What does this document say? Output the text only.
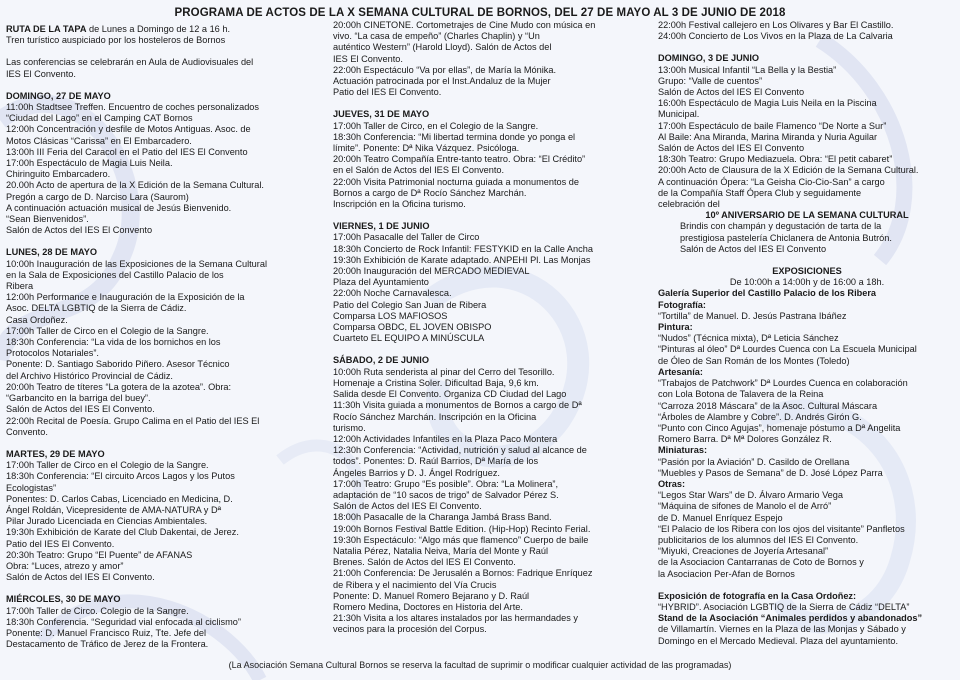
PROGRAMA DE ACTOS DE LA X SEMANA CULTURAL DE BORNOS, DEL 27 DE MAYO AL 3 DE JUNIO DE 2018
RUTA DE LA TAPA de Lunes a Domingo de 12 a 16 h.
Tren turístico auspiciado por los hosteleros de Bornos
Las conferencias se celebrarán en Aula de Audiovisuales del
IES El Convento.
DOMINGO, 27 DE MAYO
11:00h Stadtsee Treffen. Encuentro de coches personalizados
“Ciudad del Lago” en el Camping CAT Bornos
12:00h Concentración y desfile de Motos Antiguas. Asoc. de
Motos Clásicas “Carissa” en El Embarcadero.
13:00h III Feria del Caracol en el Patio del IES El Convento
17:00h Espectáculo de Magia Luis Neila.
Chiringuito Embarcadero.
20.00h Acto de apertura de la X Edición de la Semana Cultural.
Pregón a cargo de D. Narciso Lara (Saurom)
A continuación actuación musical de Jesús Bienvenido.
“Sean Bienvenidos”.
Salón de Actos del IES El Convento
LUNES, 28 DE MAYO
10:00h Inauguración de las Exposiciones de la Semana Cultural
en la Sala de Exposiciones del Castillo Palacio de los
Ribera
12:00h Performance e Inauguración de la Exposición de la
Asoc. DELTA LGBTIQ de la Sierra de Cádiz.
Casa Ordoñez.
17:00h Taller de Circo en el Colegio de la Sangre.
18:30h Conferencia: “La vida de los bornichos en los
Protocolos Notariales”.
Ponente: D. Santiago Saborido Piñero. Asesor Técnico
del Archivo Histórico Provincial de Cádiz.
20:00h Teatro de títeres “La gotera de la azotea”. Obra:
“Garbancito en la barriga del buey”.
Salón de Actos del IES El Convento.
22:00h Recital de Poesía. Grupo Calima en el Patio del IES El
Convento.
MARTES, 29 DE MAYO
17:00h Taller de Circo en el Colegio de la Sangre.
18:30h Conferencia: “El circuito Arcos Lagos y los Putos
Ecologistas”
Ponentes: D. Carlos Cabas, Licenciado en Medicina, D.
Ángel Roldán, Vicepresidente de AMA-NATURA y Dª
Pilar Jurado Licenciada en Ciencias Ambientales.
19:30h Exhibición de Karate del Club Dakentai, de Jerez.
Patio del IES El Convento.
20:30h Teatro: Grupo “El Puente” de AFANAS
Obra: “Luces, atrezo y amor”
Salón de Actos del IES El Convento.
MIÉRCOLES, 30 DE MAYO
17:00h Taller de Circo. Colegio de la Sangre.
18:30h Conferencia. “Seguridad vial enfocada al ciclismo”
Ponente: D. Manuel Francisco Ruiz, Tte. Jefe del
Destacamento de Tráfico de Jerez de la Frontera.
20:00h CINETONE. Cortometrajes de Cine Mudo con música en
vivo. “La casa de empeño” (Charles Chaplin) y “Un
auténtico Western” (Harold Lloyd). Salón de Actos del
IES El Convento.
22:00h Espectáculo “Va por ellas”, de María la Mónika.
Actuación patrocinada por el Inst.Andaluz de la Mujer
Patio del IES El Convento.
JUEVES, 31 DE MAYO
17:00h Taller de Circo, en el Colegio de la Sangre.
18:30h Conferencia: “Mi libertad termina donde yo ponga el
límite”. Ponente: Dª Nika Vázquez. Psicóloga.
20:00h Teatro Compañía Entre-tanto teatro. Obra: “El Crédito”
en el Salón de Actos del IES El Convento.
22:00h Visita Patrimonial nocturna guiada a monumentos de
Bornos a cargo de Dª Rocío Sánchez Marchán.
Inscripción en la Oficina turismo.
VIERNES, 1 DE JUNIO
17:00h Pasacalle del Taller de Circo
18:30h Concierto de Rock Infantil: FESTYKID en la Calle Ancha
19:30h Exhibición de Karate adaptado. ANPEHI Pl. Las Monjas
20:00h Inauguración del MERCADO MEDIEVAL
Plaza del Ayuntamiento
22:00h Noche Carnavalesca.
Patio del Colegio San Juan de Ribera
Comparsa LOS MAFIOSOS
Comparsa OBDC, EL JOVEN OBISPO
Cuarteto EL EQUIPO A MINÚSCULA
SÁBADO, 2 DE JUNIO
10:00h Ruta senderista al pinar del Cerro del Tesorillo.
Homenaje a Cristina Soler. Dificultad Baja, 9,6 km.
Salida desde El Convento. Organiza CD Ciudad del Lago
11:30h Visita guiada a monumentos de Bornos a cargo de Dª
Rocío Sánchez Marchán. Inscripción en la Oficina
turismo.
12:00h Actividades Infantiles en la Plaza Paco Montera
12:30h Conferencia: “Actividad, nutrición y salud al alcance de
todos”. Ponentes: D. Raúl Barrios, Dª María de los
Ángeles Barrios y D. J. Ángel Rodríguez.
17:00h Teatro: Grupo “Es posible”. Obra: “La Molinera”,
adaptación de “10 sacos de trigo” de Salvador Pérez S.
Salón de Actos del IES El Convento.
18:00h Pasacalle de la Charanga Jambá Brass Band.
19:00h Bornos Festival Battle Edition. (Hip-Hop) Recinto Ferial.
19:30h Espectáculo: “Algo más que flamenco” Cuerpo de baile
Natalia Pérez, Natalia Neiva, María del Monte y Raúl
Brenes. Salón de Actos del IES El Convento.
21:00h Conferencia: De Jerusalén a Bornos: Fadrique Enríquez
de Ribera y el nacimiento del Vía Crucis
Ponente: D. Manuel Romero Bejarano y D. Raúl
Romero Medina, Doctores en Historia del Arte.
21:30h Visita a los altares instalados por las hermandades y
vecinos para la procesión del Corpus.
22:00h Festival callejero en Los Olivares y Bar El Castillo.
24:00h Concierto de Los Vivos en la Plaza de La Calvaria
DOMINGO, 3 DE JUNIO
13:00h Musical Infantil “La Bella y la Bestia”
Grupo: “Valle de cuentos”
Salón de Actos del IES El Convento
16:00h Espectáculo de Magia Luis Neila en la Piscina
Municipal.
17:00h Espectáculo de baile Flamenco “De Norte a Sur”
Al Baile: Ana Miranda, Marina Miranda y Nuria Aguilar
Salón de Actos del IES El Convento
18:30h Teatro: Grupo Mediazuela. Obra: “El petit cabaret”
20:00h Acto de Clausura de la X Edición de la Semana Cultural.
A continuación Ópera: “La Geisha Cio-Cio-San” a cargo
de la Compañía Staff Ópera Club y seguidamente
celebración del
10º ANIVERSARIO DE LA SEMANA CULTURAL
Brindis con champán y degustación de tarta de la
prestigiosa pastelería Chiclanera de Antonia Butrón.
Salón de Actos del IES El Convento
EXPOSICIONES
De 10:00h a 14:00h y de 16:00 a 18h.
Galería Superior del Castillo Palacio de los Ribera
Fotografía:
“Tortilla” de Manuel. D. Jesús Pastrana Ibáñez
Pintura:
“Nudos” (Técnica mixta), Dª Leticia Sánchez
“Pinturas al óleo” Dª Lourdes Cuenca con La Escuela Municipal
de Óleo de San Román de los Montes (Toledo)
Artesanía:
“Trabajos de Patchwork” Dª Lourdes Cuenca en colaboración
con Lola Botona de Talavera de la Reina
“Carroza 2018 Máscara” de la Asoc. Cultural Máscara
“Árboles de Alambre y Cobre”. D. Andrés Girón G.
“Punto con Cinco Agujas”, homenaje póstumo a Dª Angelita
Romero Barra. Dª Mª Dolores González R.
Miniaturas:
“Pasión por la Aviación” D. Casildo de Orellana
“Muebles y Pasos de Semana” de D. José López Parra
Otras:
“Legos Star Wars” de D. Álvaro Armario Vega
“Máquina de sifones de Manolo el de Arró”
de D. Manuel Enríquez Espejo
“El Palacio de los Ribera con los ojos del visitante” Panfletos
publicitarios de los alumnos del IES El Convento.
“Miyuki, Creaciones de Joyería Artesanal”
de la Asociacion Cantarranas de Coto de Bornos y
la Asociacion Per-Afan de Bornos
Exposición de fotografía en la Casa Ordoñez:
“HYBRID”. Asociación LGBTIQ de la Sierra de Cádiz “DELTA”
Stand de la Asociación “Animales perdidos y abandonados”
de Villamartín. Viernes en la Plaza de las Monjas y Sábado y
Domingo en el Mercado Medieval. Plaza del ayuntamiento.
(La Asociación Semana Cultural Bornos se reserva la facultad de suprimir o modificar cualquier actividad de las programadas)
